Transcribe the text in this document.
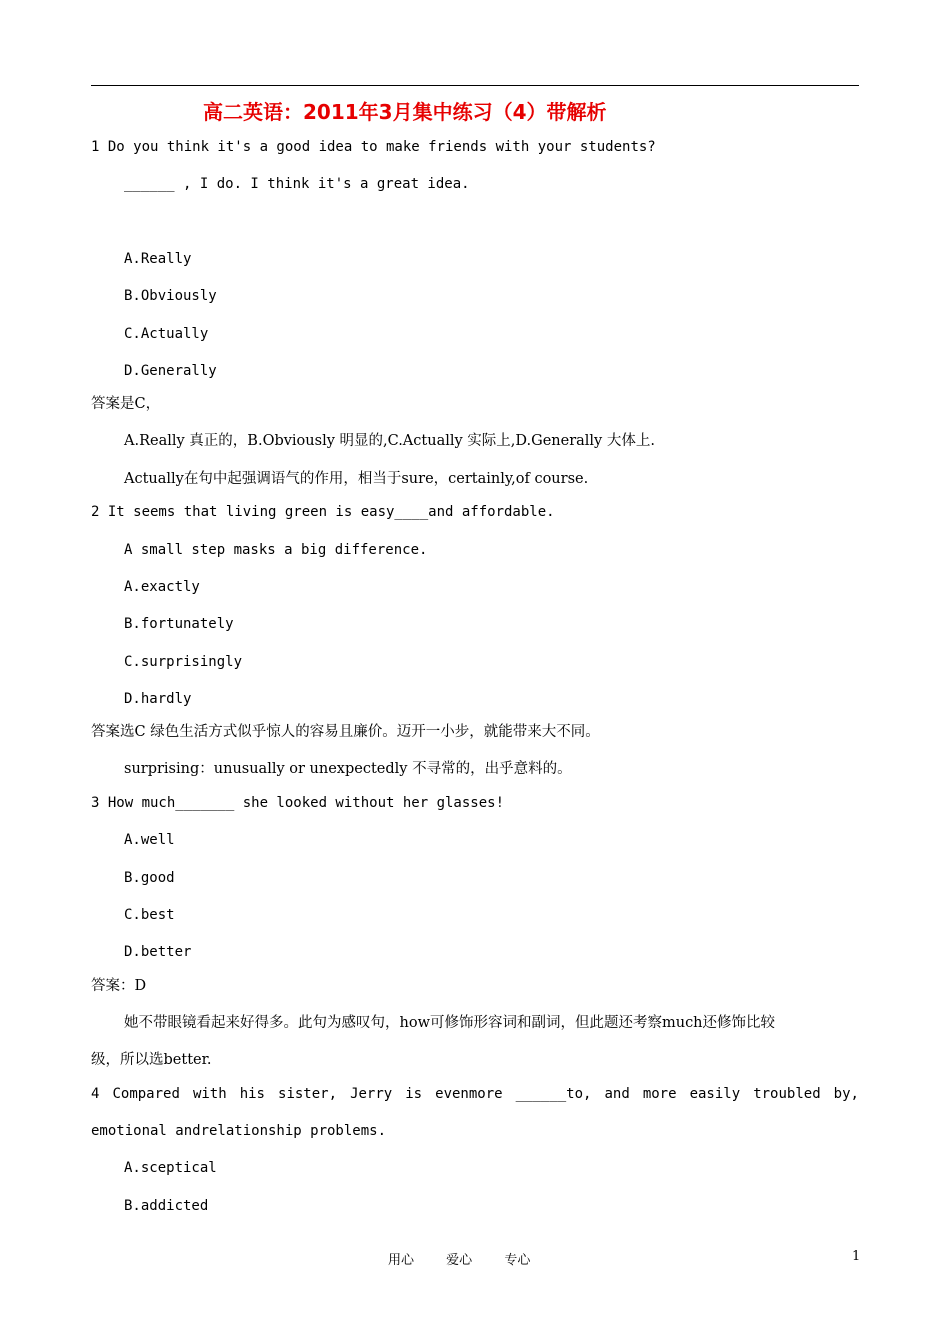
高二英语：2011年3月集中练习（4）带解析
1 Do you think it's a good idea to make friends with your students?
______ , I do. I think it's a great idea.
A.Really
B.Obviously
C.Actually
D.Generally
答案是C，
A.Really 真正的，B.Obviously 明显的,C.Actually 实际上,D.Generally 大体上.
Actually在句中起强调语气的作用，相当于sure，certainly,of course.
2 It seems that living green is easy____and affordable.
A small step masks a big difference.
A.exactly
B.fortunately
C.surprisingly
D.hardly
答案选C 绿色生活方式似乎惊人的容易且廉价。迈开一小步，就能带来大不同。
surprising：unusually or unexpectedly 不寻常的，出乎意料的。
3 How much_______ she looked without her glasses!
A.well
B.good
C.best
D.better
答案：D
她不带眼镜看起来好得多。此句为感叹句，how可修饰形容词和副词，但此题还考察much还修饰比较
级，所以选better.
4 Compared with his sister, Jerry is evenmore ______to, and more easily troubled by,
emotional andrelationship problems.
A.sceptical
B.addicted
用心 爱心 专心	1
